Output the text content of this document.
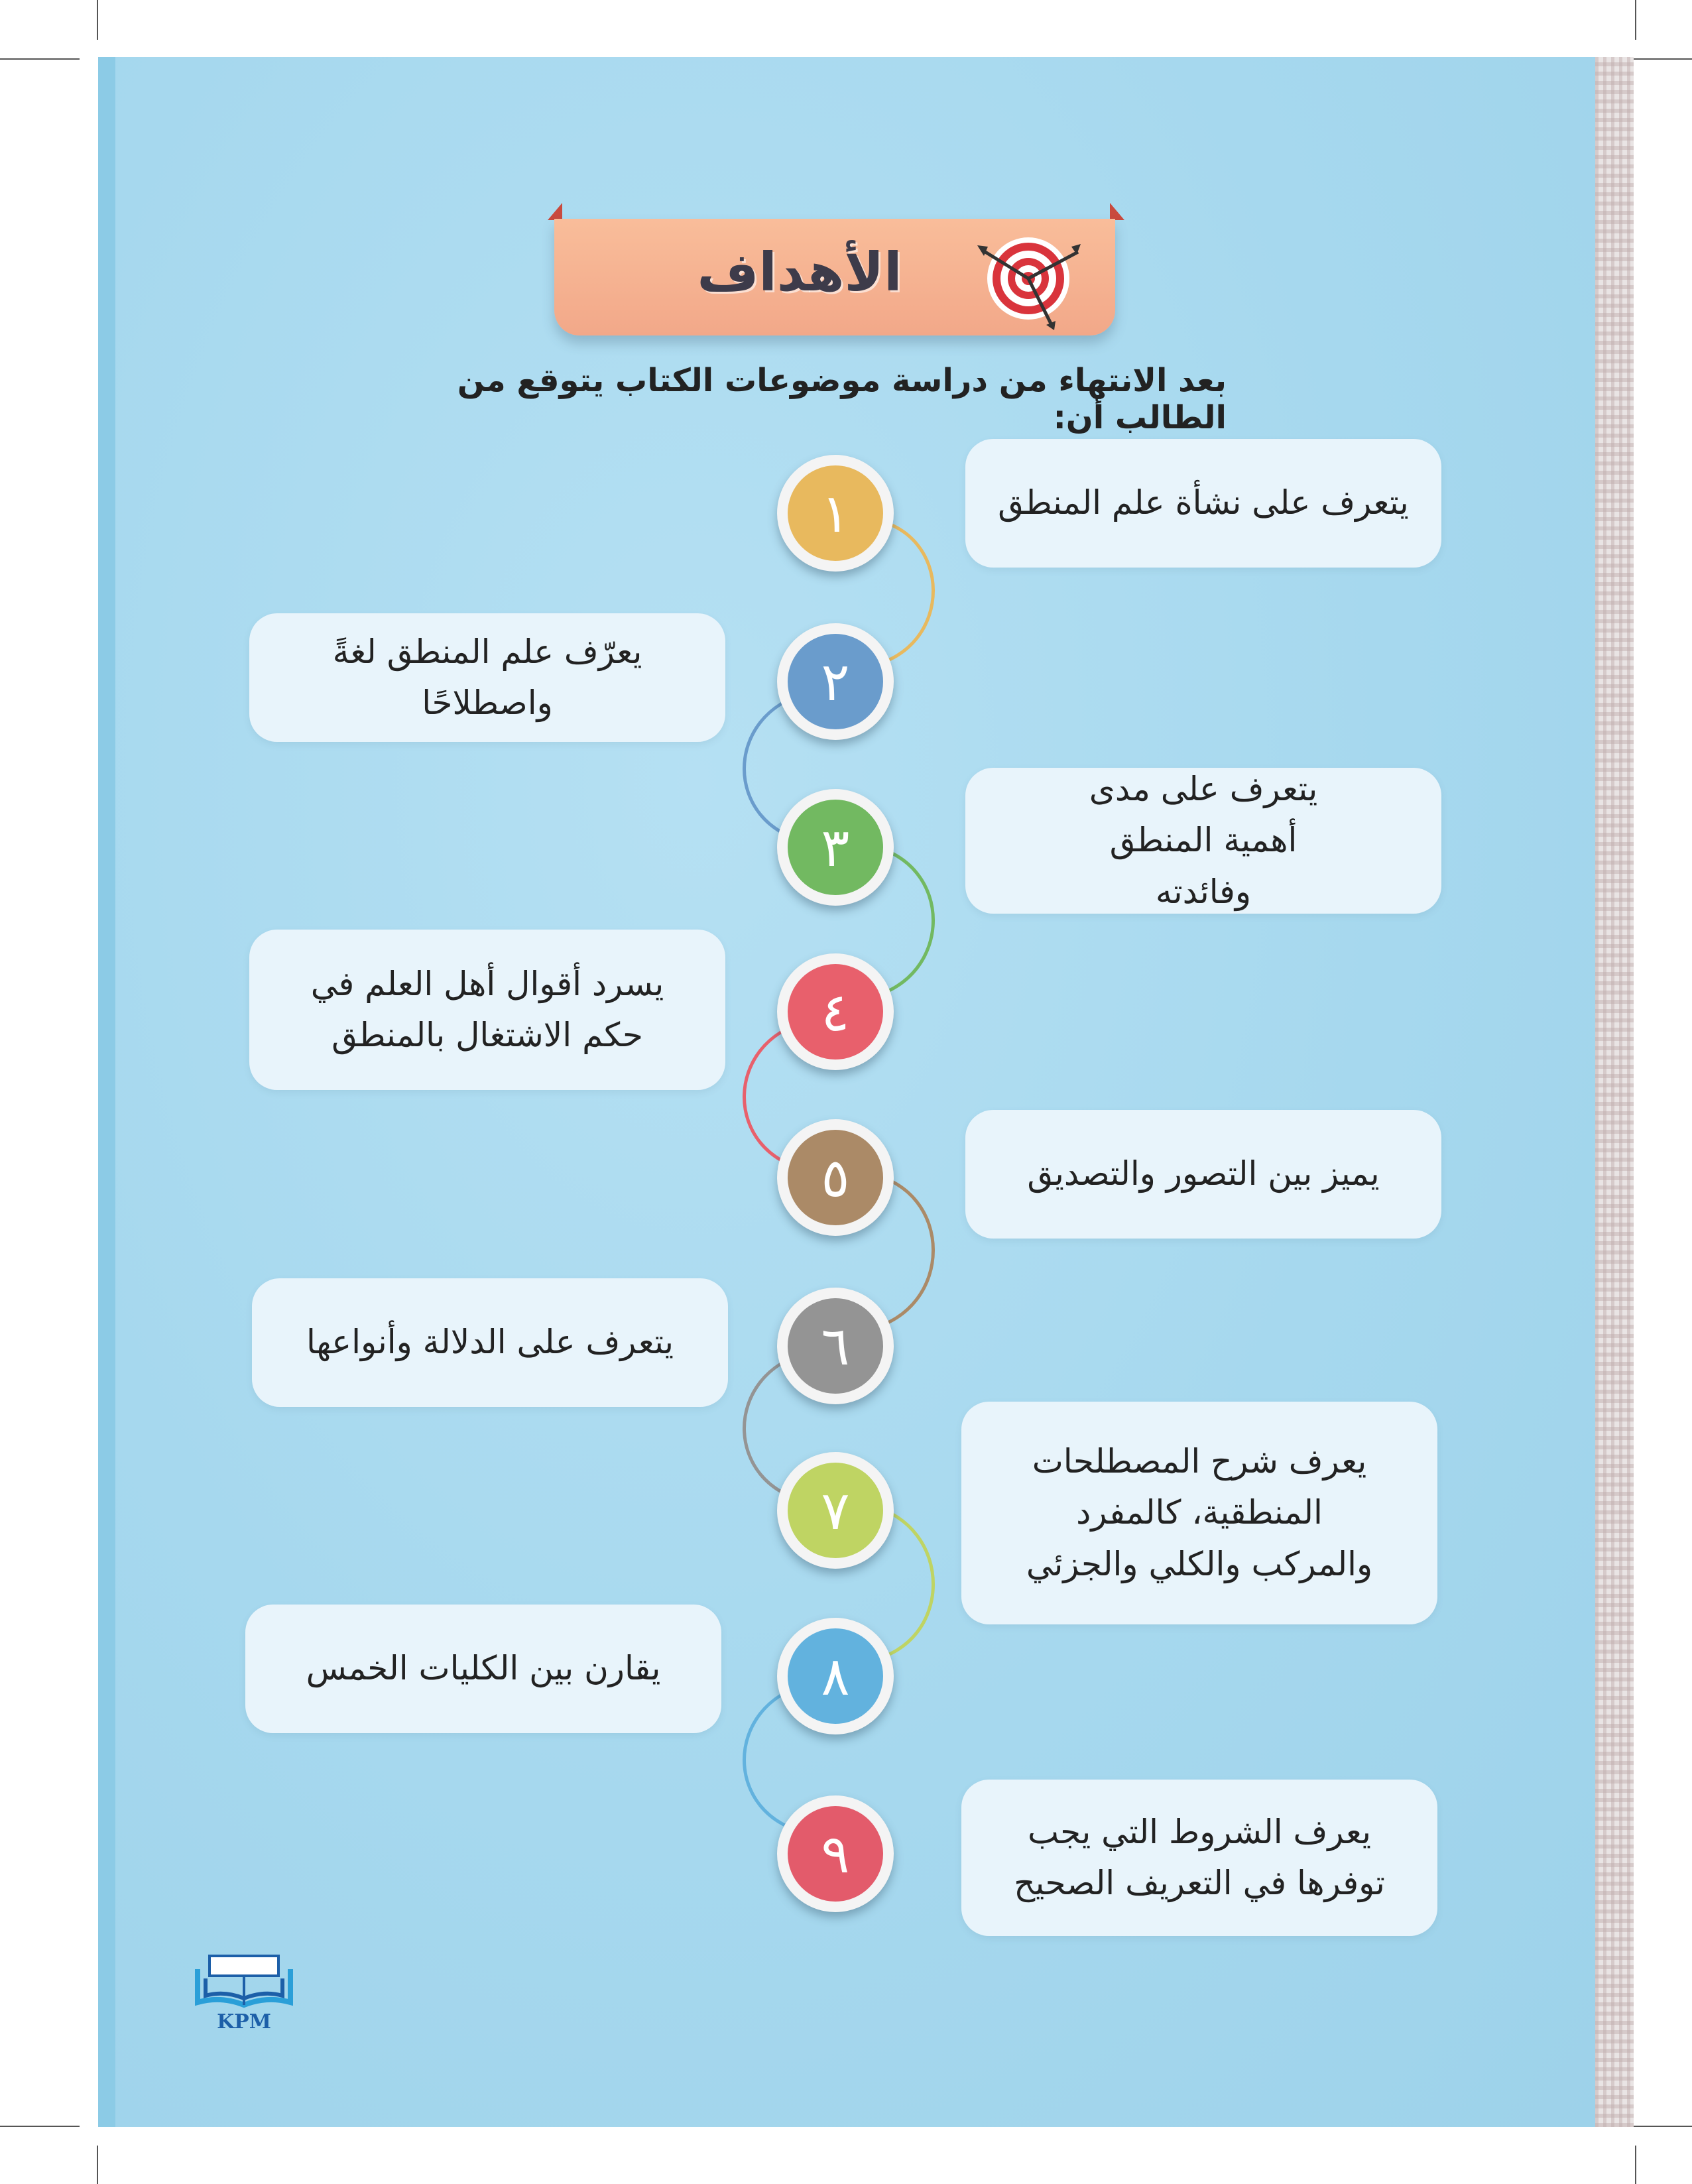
الأهداف
بعد الانتهاء من دراسة موضوعات الكتاب يتوقع من الطالب أن:
يتعرف على نشأة علم المنطق
١
يعرّف علم المنطق لغةً واصطلاحًا	٢
يتعرف على مدى أهمية المنطق وفائدته
٣
يسرد أقوال أهل العلم في حكم الاشتغال بالمنطق	٤
يميز بين التصور والتصديق
٥
يتعرف على الدلالة وأنواعها	٦
يعرف شرح المصطلحات المنطقية، كالمفرد والمركب والكلي والجزئي
٧
يقارن بين الكليات الخمس	٨
يعرف الشروط التي يجب توفرها في التعريف الصحيح
٩
KPM
